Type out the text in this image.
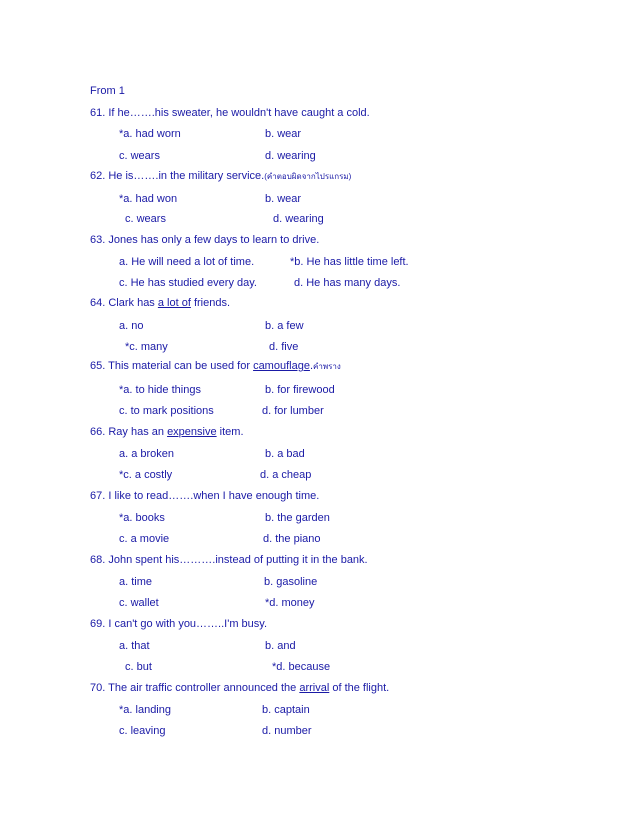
From 1
61. If he…….his sweater, he wouldn't have caught a cold.
*a. had worn	b. wear
c. wears	d. wearing
62. He is…….in the military service.(คำตอบผิดจากไปรแกรม)
*a. had won	b. wear
c. wears	d. wearing
63. Jones has only a few days to learn to drive.
a. He will need a lot of time.	*b. He has little time left.
c. He has studied every day.	d. He has many days.
64. Clark has a lot of friends.
a. no	b. a few
*c. many	d. five
65. This material can be used for camouflage.คำพราง
*a. to hide things	b. for firewood
c. to mark positions	d. for lumber
66. Ray has an expensive item.
a. a broken	b. a bad
*c. a costly	d. a cheap
67. I like to read…….when I have enough time.
*a. books	b. the garden
c. a movie	d. the piano
68. John spent his……….instead of putting it in the bank.
a. time	b. gasoline
c. wallet	*d. money
69. I can't go with you……..I'm busy.
a. that	b. and
c. but	*d. because
70. The air traffic controller announced the arrival of the flight.
*a. landing	b. captain
c. leaving	d. number
